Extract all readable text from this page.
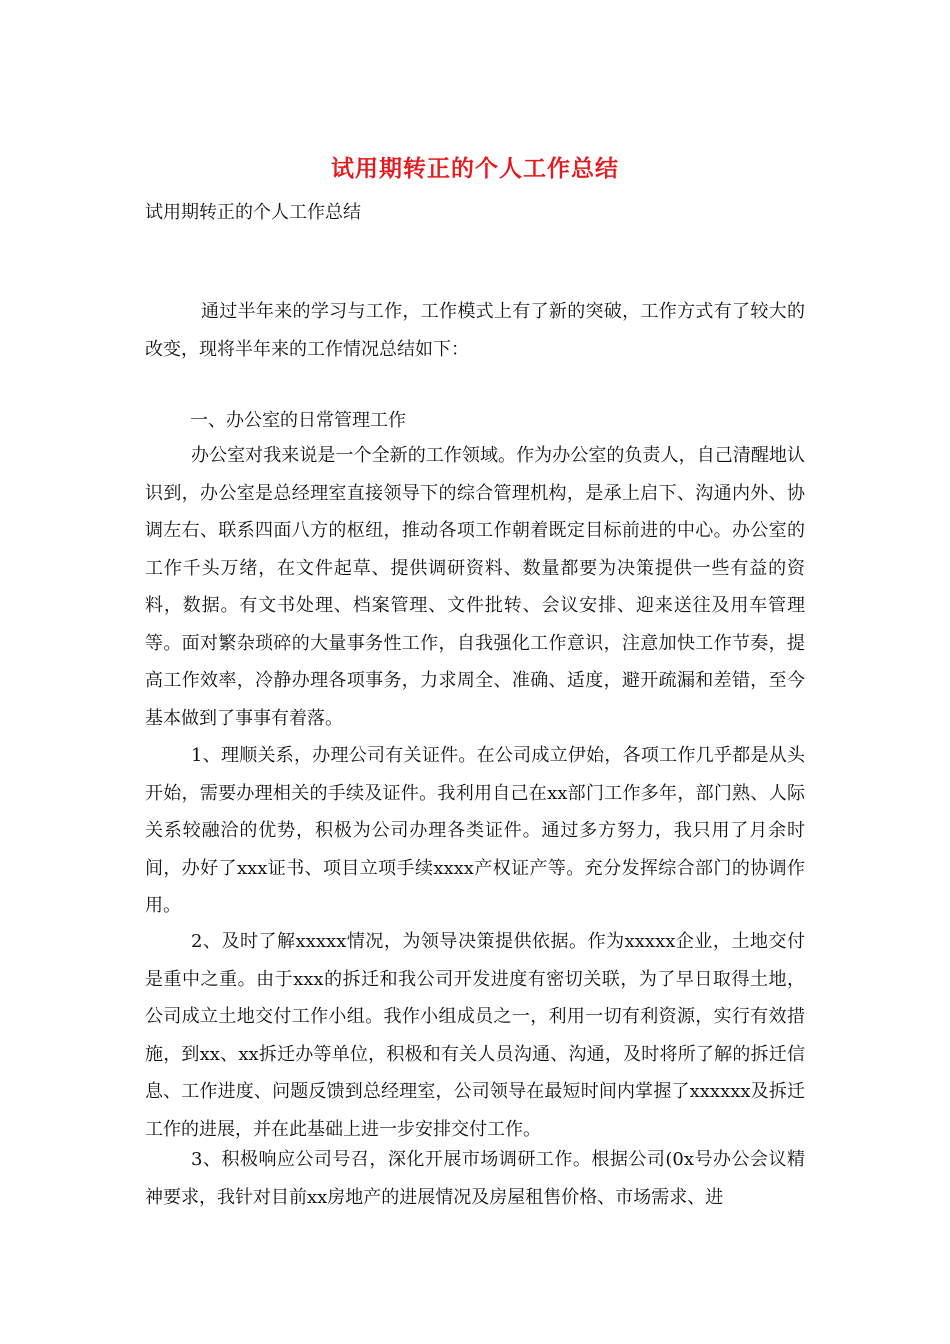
试用期转正的个人工作总结
试用期转正的个人工作总结
通过半年来的学习与工作，工作模式上有了新的突破，工作方式有了较大的改变，现将半年来的工作情况总结如下：
一、办公室的日常管理工作
办公室对我来说是一个全新的工作领域。作为办公室的负责人，自己清醒地认识到，办公室是总经理室直接领导下的综合管理机构，是承上启下、沟通内外、协调左右、联系四面八方的枢纽，推动各项工作朝着既定目标前进的中心。办公室的工作千头万绪，在文件起草、提供调研资料、数量都要为决策提供一些有益的资料，数据。有文书处理、档案管理、文件批转、会议安排、迎来送往及用车管理等。面对繁杂琐碎的大量事务性工作，自我强化工作意识，注意加快工作节奏，提高工作效率，冷静办理各项事务，力求周全、准确、适度，避开疏漏和差错，至今基本做到了事事有着落。
1、理顺关系，办理公司有关证件。在公司成立伊始，各项工作几乎都是从头开始，需要办理相关的手续及证件。我利用自己在xx部门工作多年，部门熟、人际关系较融洽的优势，积极为公司办理各类证件。通过多方努力，我只用了月余时间，办好了xxx证书、项目立项手续xxxx产权证产等。充分发挥综合部门的协调作用。
2、及时了解xxxxx情况，为领导决策提供依据。作为xxxxx企业，土地交付是重中之重。由于xxx的拆迁和我公司开发进度有密切关联，为了早日取得土地，公司成立土地交付工作小组。我作小组成员之一，利用一切有利资源，实行有效措施，到xx、xx拆迁办等单位，积极和有关人员沟通、沟通，及时将所了解的拆迁信息、工作进度、问题反馈到总经理室，公司领导在最短时间内掌握了xxxxxx及拆迁工作的进展，并在此基础上进一步安排交付工作。
3、积极响应公司号召，深化开展市场调研工作。根据公司(0x号办公会议精神要求，我针对目前xx房地产的进展情况及房屋租售价格、市场需求、进
